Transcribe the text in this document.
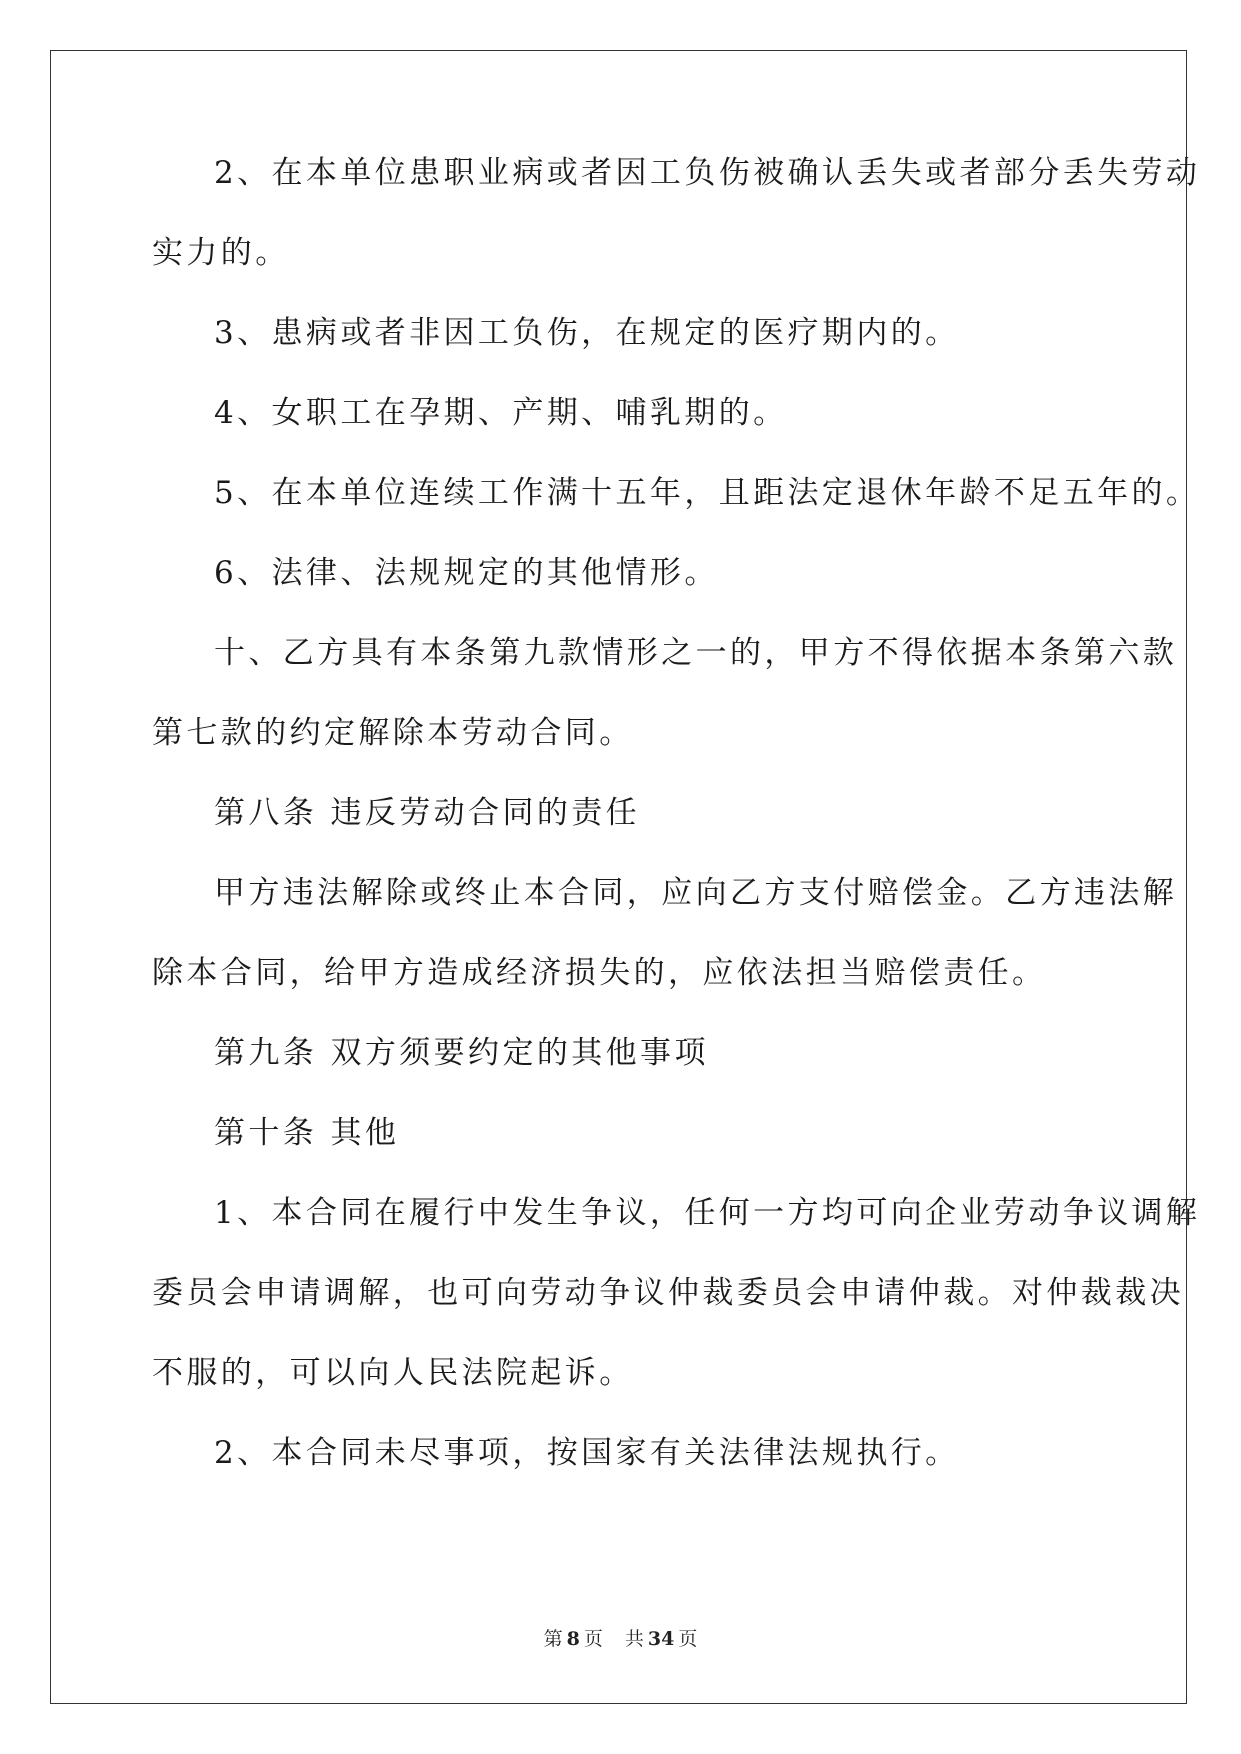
2、在本单位患职业病或者因工负伤被确认丢失或者部分丢失劳动
实力的。
3、患病或者非因工负伤，在规定的医疗期内的。
4、女职工在孕期、产期、哺乳期的。
5、在本单位连续工作满十五年，且距法定退休年龄不足五年的。
6、法律、法规规定的其他情形。
十、乙方具有本条第九款情形之一的，甲方不得依据本条第六款
第七款的约定解除本劳动合同。
第八条 违反劳动合同的责任
甲方违法解除或终止本合同，应向乙方支付赔偿金。乙方违法解
除本合同，给甲方造成经济损失的，应依法担当赔偿责任。
第九条 双方须要约定的其他事项
第十条 其他
1、本合同在履行中发生争议，任何一方均可向企业劳动争议调解
委员会申请调解，也可向劳动争议仲裁委员会申请仲裁。对仲裁裁决
不服的，可以向人民法院起诉。
2、本合同未尽事项，按国家有关法律法规执行。
第 8 页 共 34 页
